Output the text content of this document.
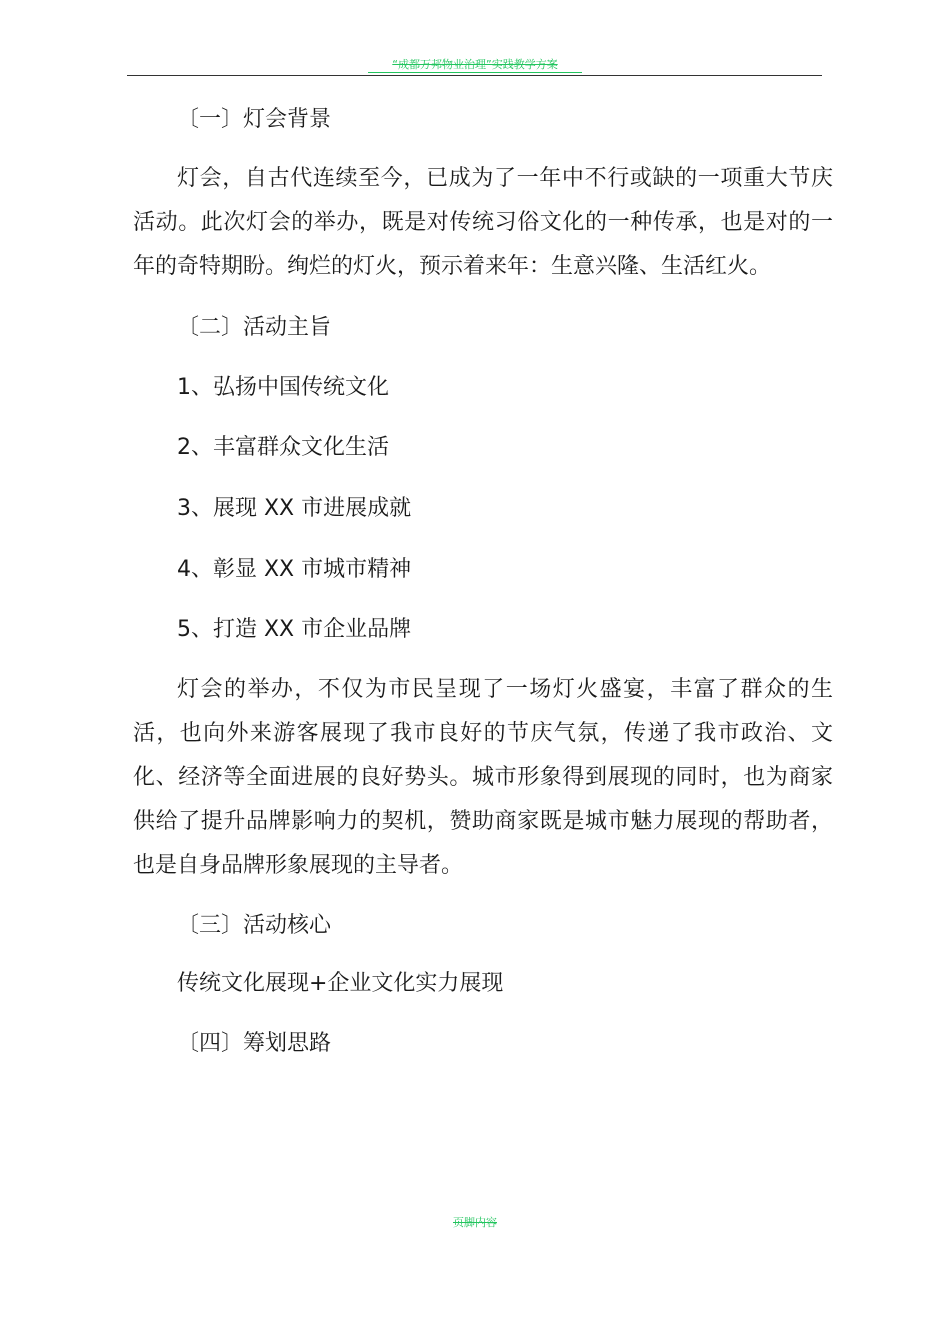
“成都万邦物业治理”实践教学方案
〔一〕灯会背景
灯会，自古代连续至今，已成为了一年中不行或缺的一项重大节庆活动。此次灯会的举办，既是对传统习俗文化的一种传承，也是对的一年的奇特期盼。绚烂的灯火，预示着来年：生意兴隆、生活红火。
〔二〕活动主旨
1、弘扬中国传统文化
2、丰富群众文化生活
3、展现 XX 市进展成就
4、彰显 XX 市城市精神
5、打造 XX 市企业品牌
灯会的举办，不仅为市民呈现了一场灯火盛宴，丰富了群众的生活，也向外来游客展现了我市良好的节庆气氛，传递了我市政治、文化、经济等全面进展的良好势头。城市形象得到展现的同时，也为商家供给了提升品牌影响力的契机，赞助商家既是城市魅力展现的帮助者，也是自身品牌形象展现的主导者。
〔三〕活动核心
传统文化展现+企业文化实力展现
〔四〕筹划思路
页脚内容
